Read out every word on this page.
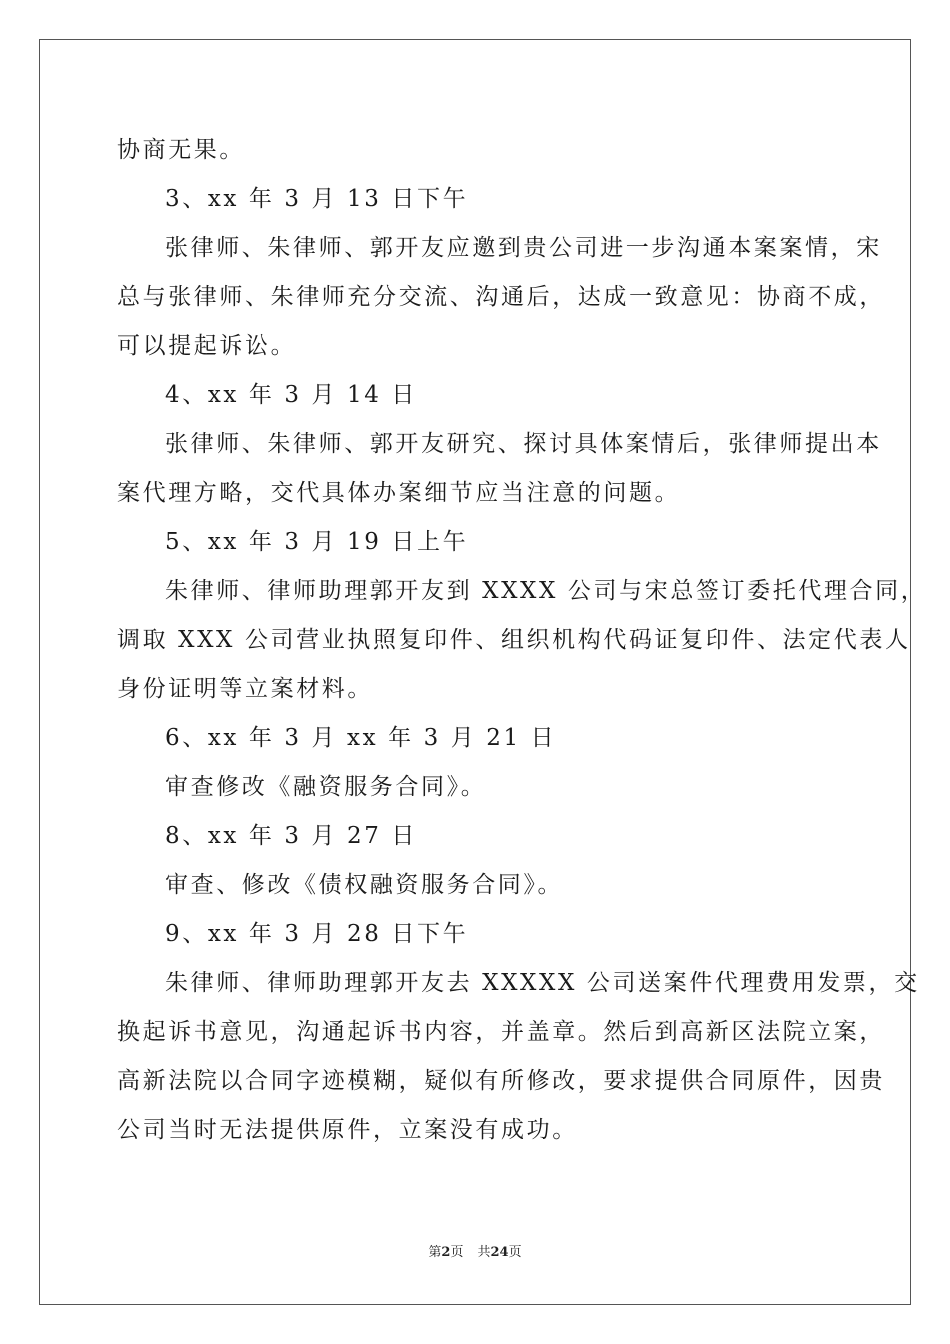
协商无果。
3、xx 年 3 月 13 日下午
张律师、朱律师、郭开友应邀到贵公司进一步沟通本案案情，宋
总与张律师、朱律师充分交流、沟通后，达成一致意见：协商不成，
可以提起诉讼。
4、xx 年 3 月 14 日
张律师、朱律师、郭开友研究、探讨具体案情后，张律师提出本
案代理方略，交代具体办案细节应当注意的问题。
5、xx 年 3 月 19 日上午
朱律师、律师助理郭开友到 XXXX 公司与宋总签订委托代理合同，
调取 XXX 公司营业执照复印件、组织机构代码证复印件、法定代表人
身份证明等立案材料。
6、xx 年 3 月 xx 年 3 月 21 日
审查修改《融资服务合同》。
8、xx 年 3 月 27 日
审查、修改《债权融资服务合同》。
9、xx 年 3 月 28 日下午
朱律师、律师助理郭开友去 XXXXX 公司送案件代理费用发票，交
换起诉书意见，沟通起诉书内容，并盖章。然后到高新区法院立案，
高新法院以合同字迹模糊，疑似有所修改，要求提供合同原件，因贵
公司当时无法提供原件，立案没有成功。
第2页 共24页
